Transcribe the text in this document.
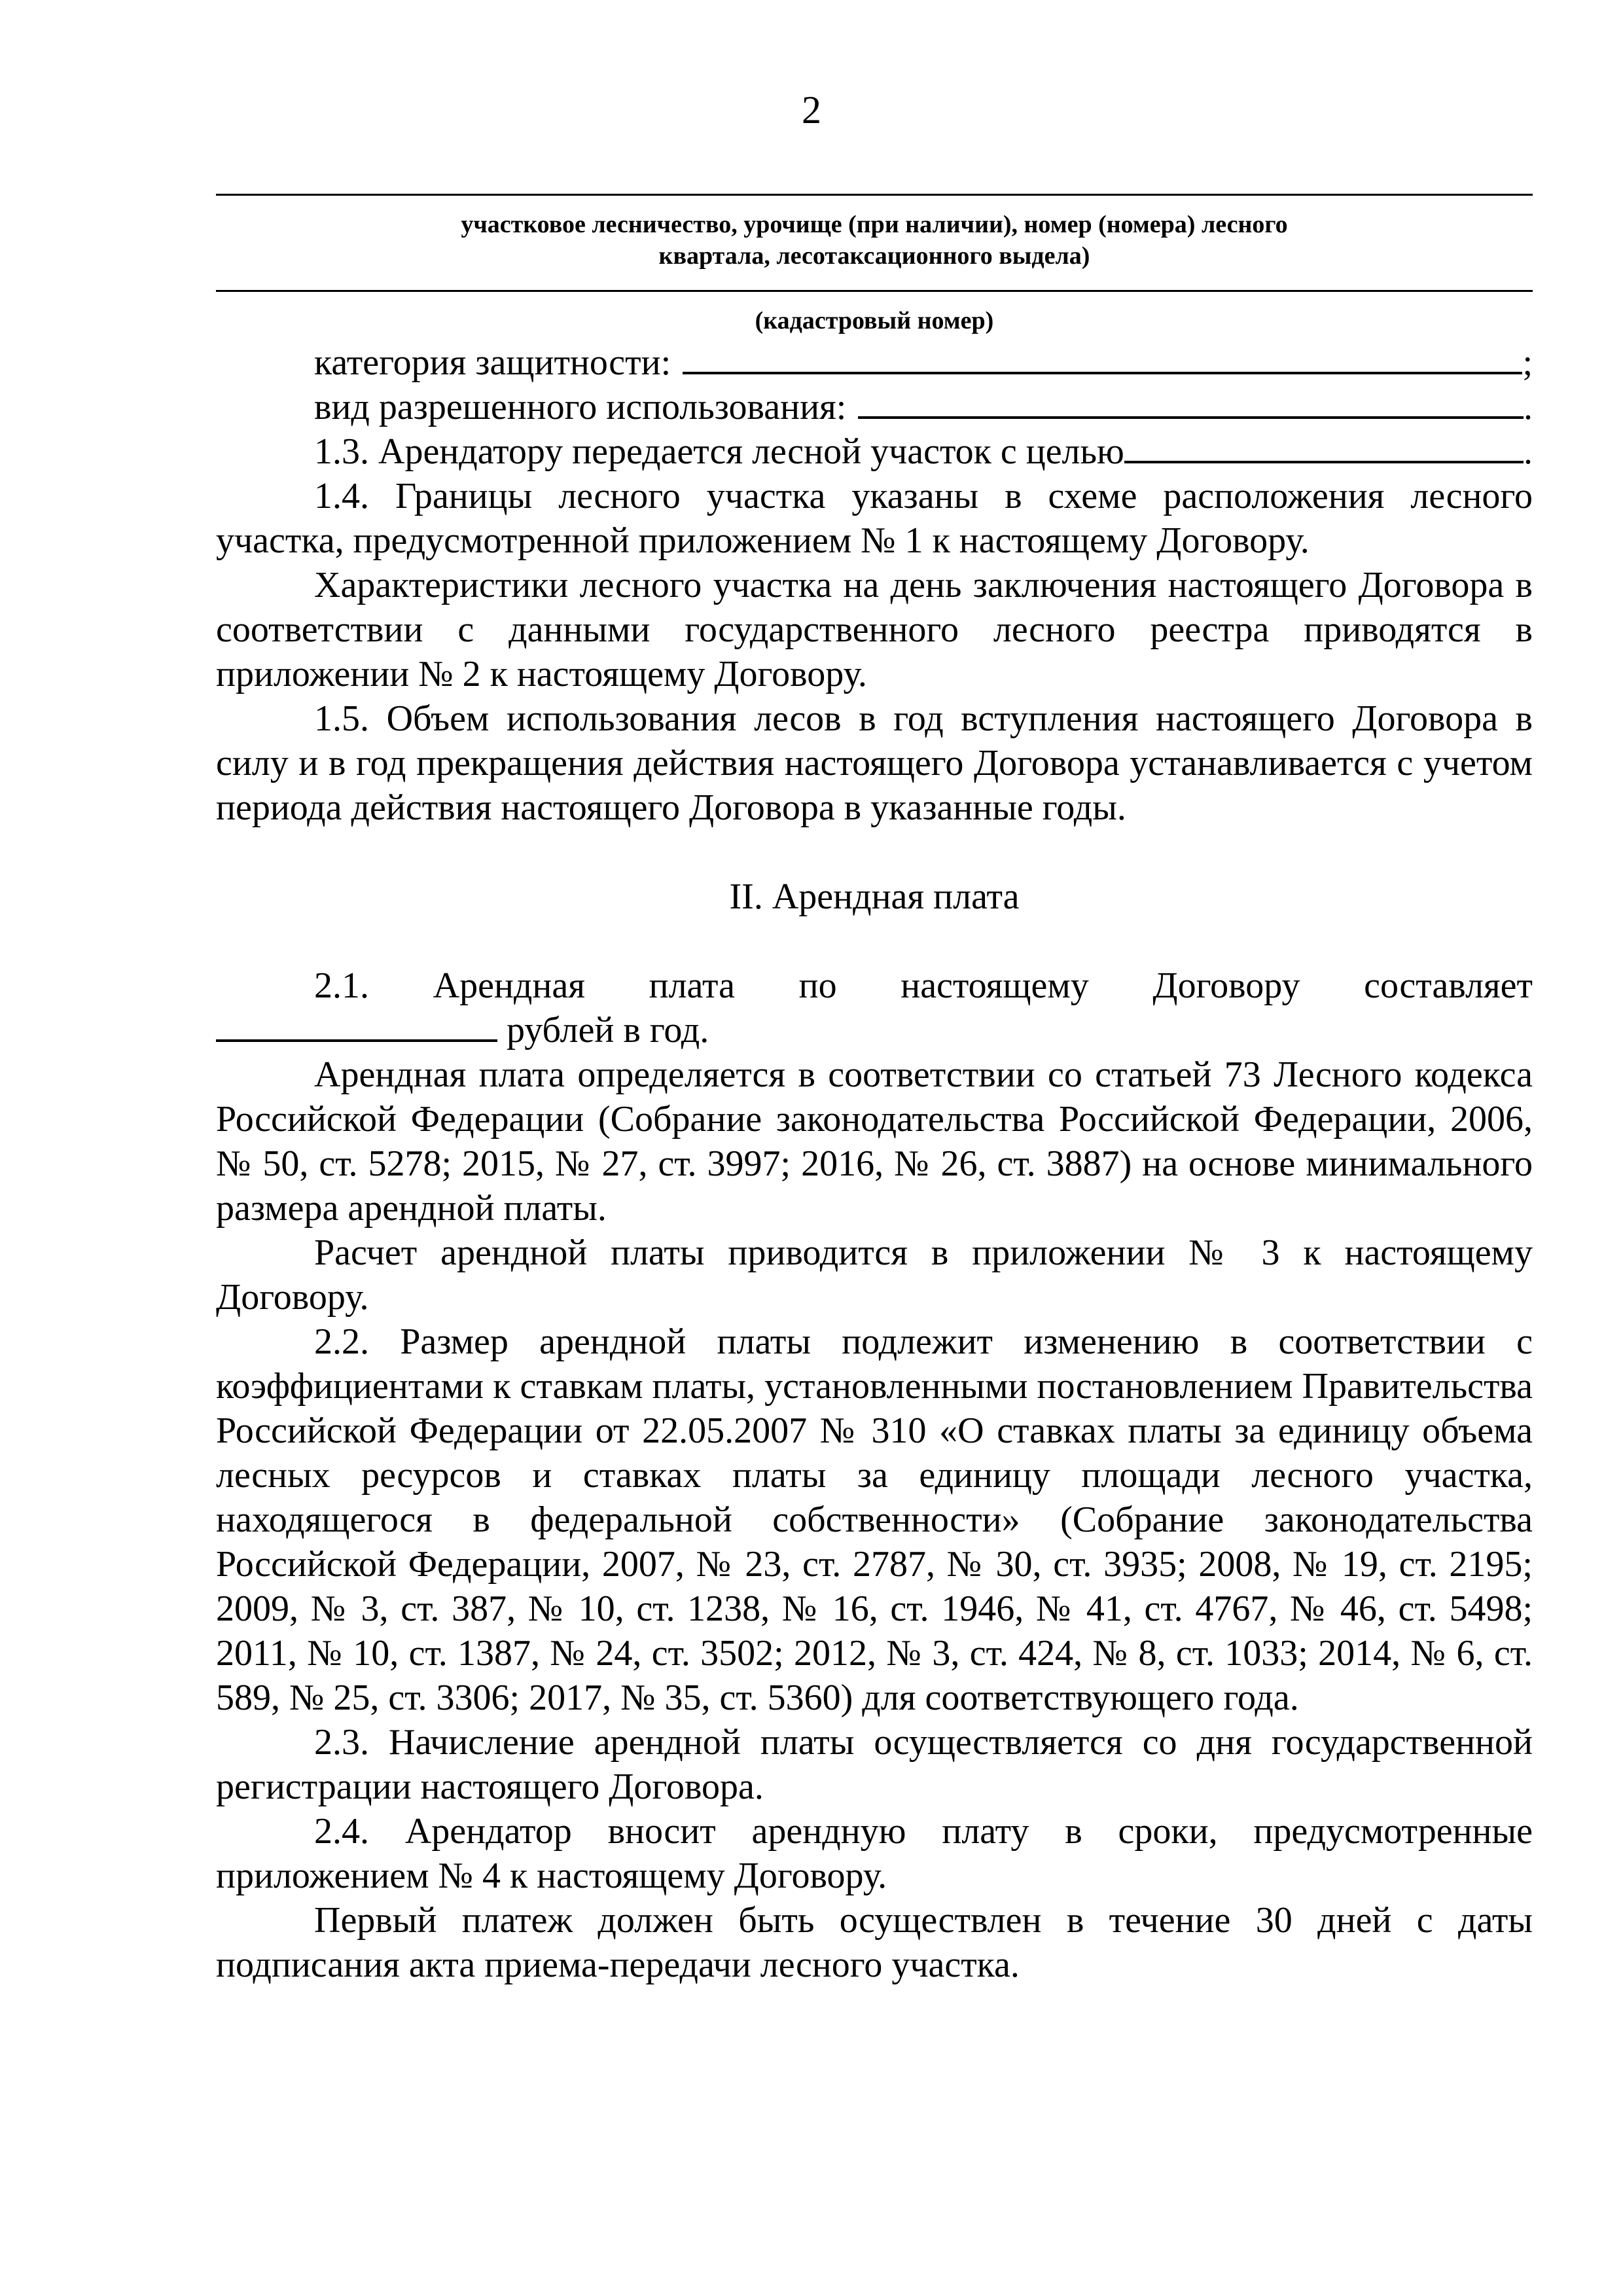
2
участковое лесничество, урочище (при наличии), номер (номера) лесного
квартала, лесотаксационного выдела)
(кадастровый номер)
категория защитности:	;
вид разрешенного использования:	.
1.3. Арендатору передается лесной участок с целью	.

1.4. Границы лесного участка указаны в схеме расположения лесного участка, предусмотренной приложением № 1 к настоящему Договору.

Характеристики лесного участка на день заключения настоящего Договора в соответствии с данными государственного лесного реестра приводятся в приложении № 2 к настоящему Договору.

1.5. Объем использования лесов в год вступления настоящего Договора в силу и в год прекращения действия настоящего Договора устанавливается с учетом периода действия настоящего Договора в указанные годы.

II. Арендная плата

2.1. Арендная плата по настоящему Договору составляет

рублей в год.

Арендная плата определяется в соответствии со статьей 73 Лесного кодекса Российской Федерации (Собрание законодательства Российской Федерации, 2006, № 50, ст. 5278; 2015, № 27, ст. 3997; 2016, № 26, ст. 3887) на основе минимального размера арендной платы.

Расчет арендной платы приводится в приложении № 3 к настоящему Договору.

2.2. Размер арендной платы подлежит изменению в соответствии с коэффициентами к ставкам платы, установленными постановлением Правительства Российской Федерации от 22.05.2007 № 310 «О ставках платы за единицу объема лесных ресурсов и ставках платы за единицу площади лесного участка, находящегося в федеральной собственности» (Собрание законодательства Российской Федерации, 2007, № 23, ст. 2787, № 30, ст. 3935; 2008, № 19, ст. 2195; 2009, № 3, ст. 387, № 10, ст. 1238, № 16, ст. 1946, № 41, ст. 4767, № 46, ст. 5498; 2011, № 10, ст. 1387, № 24, ст. 3502; 2012, № 3, ст. 424, № 8, ст. 1033; 2014, № 6, ст. 589, № 25, ст. 3306; 2017, № 35, ст. 5360) для соответствующего года.

2.3. Начисление арендной платы осуществляется со дня государственной регистрации настоящего Договора.

2.4. Арендатор вносит арендную плату в сроки, предусмотренные приложением № 4 к настоящему Договору.

Первый платеж должен быть осуществлен в течение 30 дней с даты подписания акта приема-передачи лесного участка.
